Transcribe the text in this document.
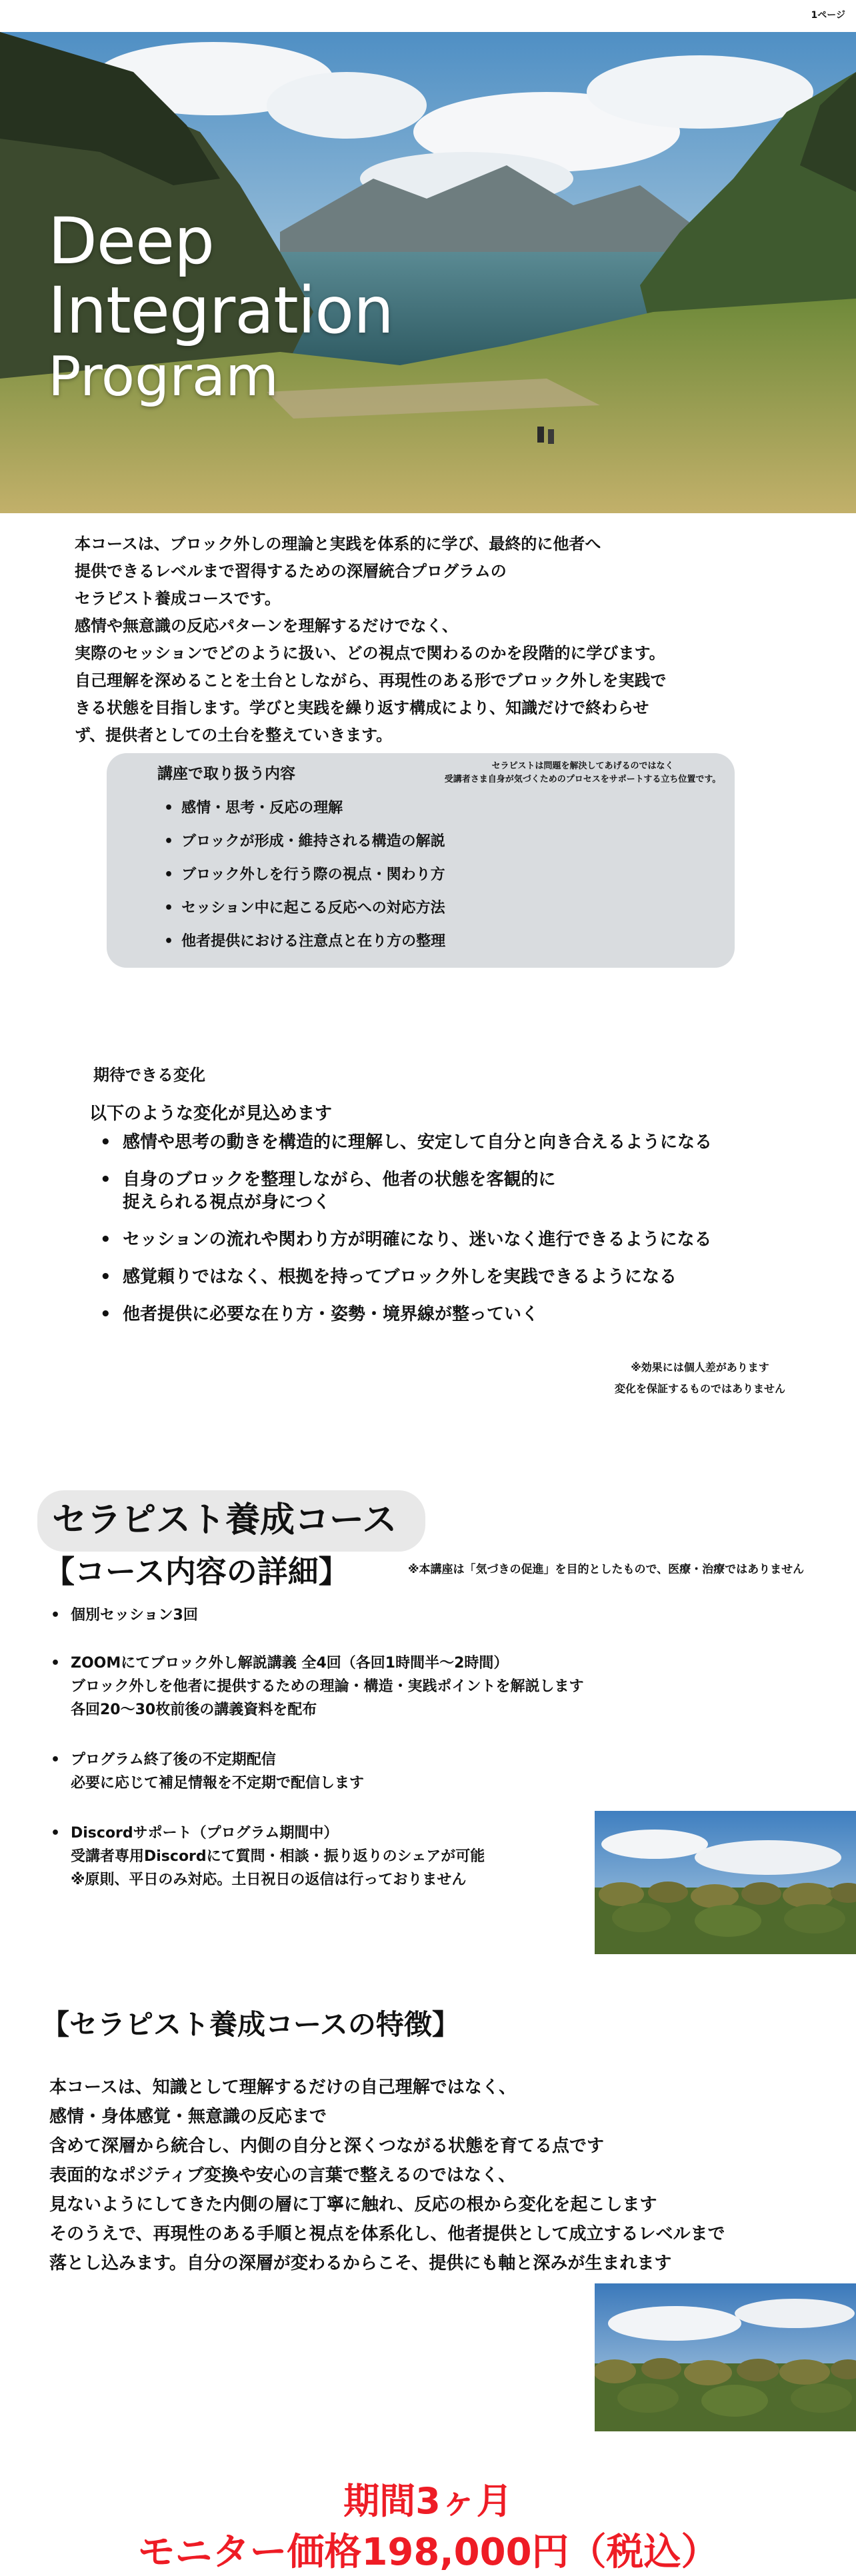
1ページ
Deep
Integration
Program

本コースは、ブロック外しの理論と実践を体系的に学び、最終的に他者へ

提供できるレベルまで習得するための深層統合プログラムの

セラピスト養成コースです。

感情や無意識の反応パターンを理解するだけでなく、

実際のセッションでどのように扱い、どの視点で関わるのかを段階的に学びます。

自己理解を深めることを土台としながら、再現性のある形でブロック外しを実践で

きる状態を目指します。学びと実践を繰り返す構成により、知識だけで終わらせ

ず、提供者としての土台を整えていきます。

講座で取り扱う内容	セラピストは問題を解決してあげるのではなく
受講者さま自身が気づくためのプロセスをサポートする立ち位置です。
• 感情・思考・反応の理解
• ブロックが形成・維持される構造の解説
• ブロック外しを行う際の視点・関わり方
• セッション中に起こる反応への対応方法
• 他者提供における注意点と在り方の整理
期待できる変化
以下のような変化が見込めます
• 感情や思考の動きを構造的に理解し、安定して自分と向き合えるようになる
• 自身のブロックを整理しながら、他者の状態を客観的に
捉えられる視点が身につく
• セッションの流れや関わり方が明確になり、迷いなく進行できるようになる
• 感覚頼りではなく、根拠を持ってブロック外しを実践できるようになる
• 他者提供に必要な在り方・姿勢・境界線が整っていく
※効果には個人差があります
変化を保証するものではありません
セラピスト養成コース
【コース内容の詳細】	※本講座は「気づきの促進」を目的としたもので、医療・治療ではありません
• 個別セッション3回
• ZOOMにてブロック外し解説講義 全4回（各回1時間半～2時間）
ブロック外しを他者に提供するための理論・構造・実践ポイントを解説します
各回20～30枚前後の講義資料を配布
• プログラム終了後の不定期配信
必要に応じて補足情報を不定期で配信します
• Discordサポート（プログラム期間中）
受講者専用Discordにて質問・相談・振り返りのシェアが可能
※原則、平日のみ対応。土日祝日の返信は行っておりません
【セラピスト養成コースの特徴】

本コースは、知識として理解するだけの自己理解ではなく、

感情・身体感覚・無意識の反応まで

含めて深層から統合し、内側の自分と深くつながる状態を育てる点です

表面的なポジティブ変換や安心の言葉で整えるのではなく、

見ないようにしてきた内側の層に丁寧に触れ、反応の根から変化を起こします

そのうえで、再現性のある手順と視点を体系化し、他者提供として成立するレベルまで

落とし込みます。自分の深層が変わるからこそ、提供にも軸と深みが生まれます

期間3ヶ月
モニター価格198,000円（税込）
